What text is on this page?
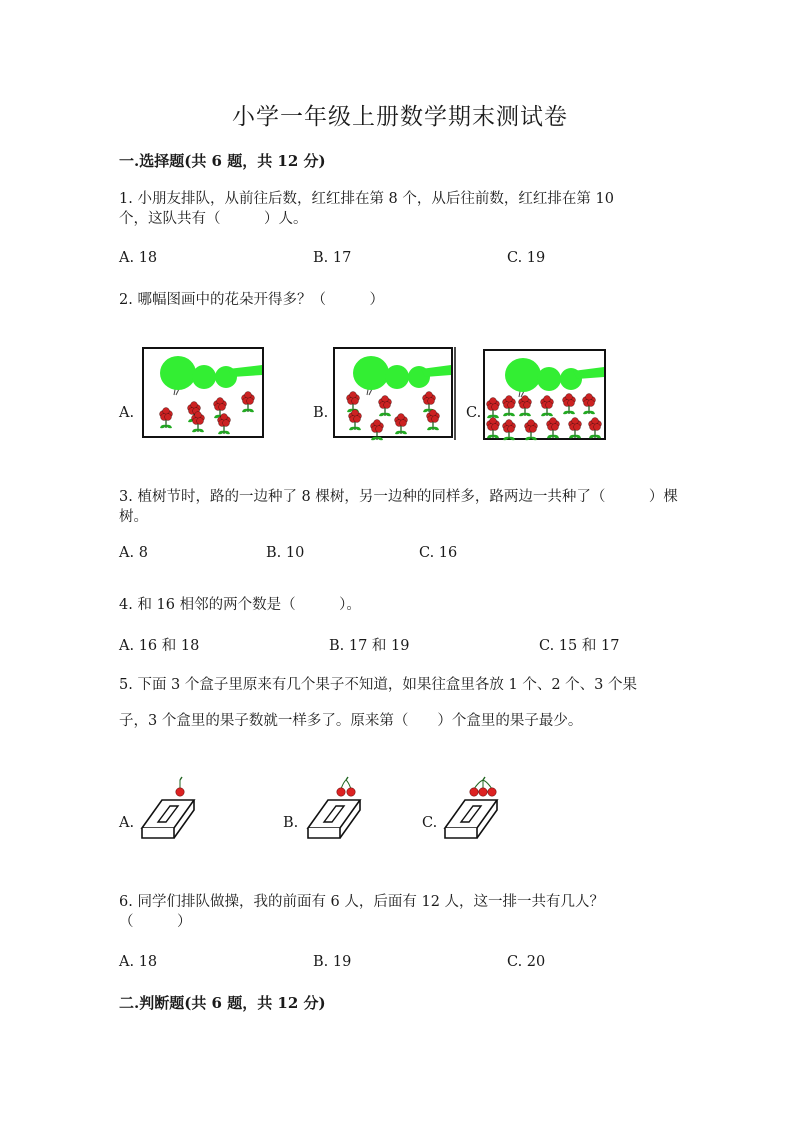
小学一年级上册数学期末测试卷
一.选择题(共 6 题，共 12 分)
1. 小朋友排队，从前往后数，红红排在第 8 个，从后往前数，红红排在第 10
个，这队共有（　　　）人。
A. 18	B. 17	C. 19
2. 哪幅图画中的花朵开得多？（　　　）
A.	B.	C.
3. 植树节时，路的一边种了 8 棵树，另一边种的同样多，路两边一共种了（　　　）棵
树。
A. 8	B. 10	C. 16
4. 和 16 相邻的两个数是（　　　）。
A. 16 和 18	B. 17 和 19	C. 15 和 17
5. 下面 3 个盒子里原来有几个果子不知道，如果往盒里各放 1 个、2 个、3 个果
子，3 个盒里的果子数就一样多了。原来第（　　）个盒里的果子最少。
A.	B.	C.
6. 同学们排队做操，我的前面有 6 人，后面有 12 人，这一排一共有几人？
（　　　）
A. 18	B. 19	C. 20
二.判断题(共 6 题，共 12 分)
